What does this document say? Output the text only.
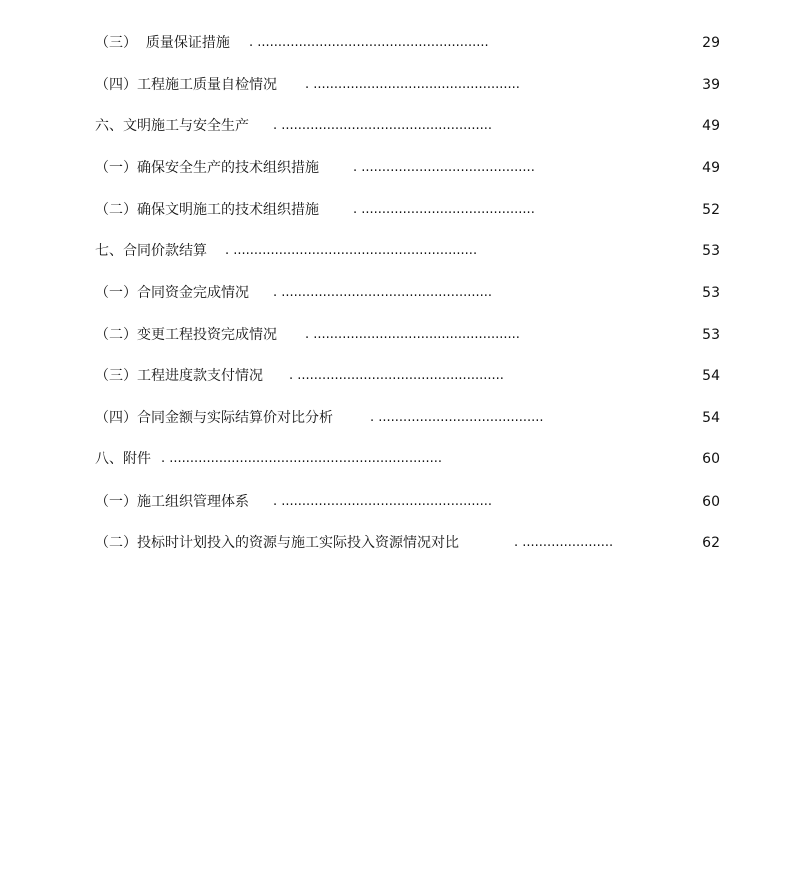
（三）  质量保证措施 . ........................................................	29
（四）工程施工质量自检情况 . ..................................................	39
六、文明施工与安全生产 . ...................................................	49
（一）确保安全生产的技术组织措施	. ..........................................	49
（二）确保文明施工的技术组织措施	. ..........................................	52
七、合同价款结算 . ...........................................................	53
（一）合同资金完成情况 . ...................................................	53
（二）变更工程投资完成情况 . ..................................................	53
（三）工程进度款支付情况 . ..................................................	54
（四）合同金额与实际结算价对比分析	. ........................................	54
八、附件 . ..................................................................	60
（一）施工组织管理体系 . ...................................................	60
（二）投标时计划投入的资源与施工实际投入资源情况对比	. ......................	62
